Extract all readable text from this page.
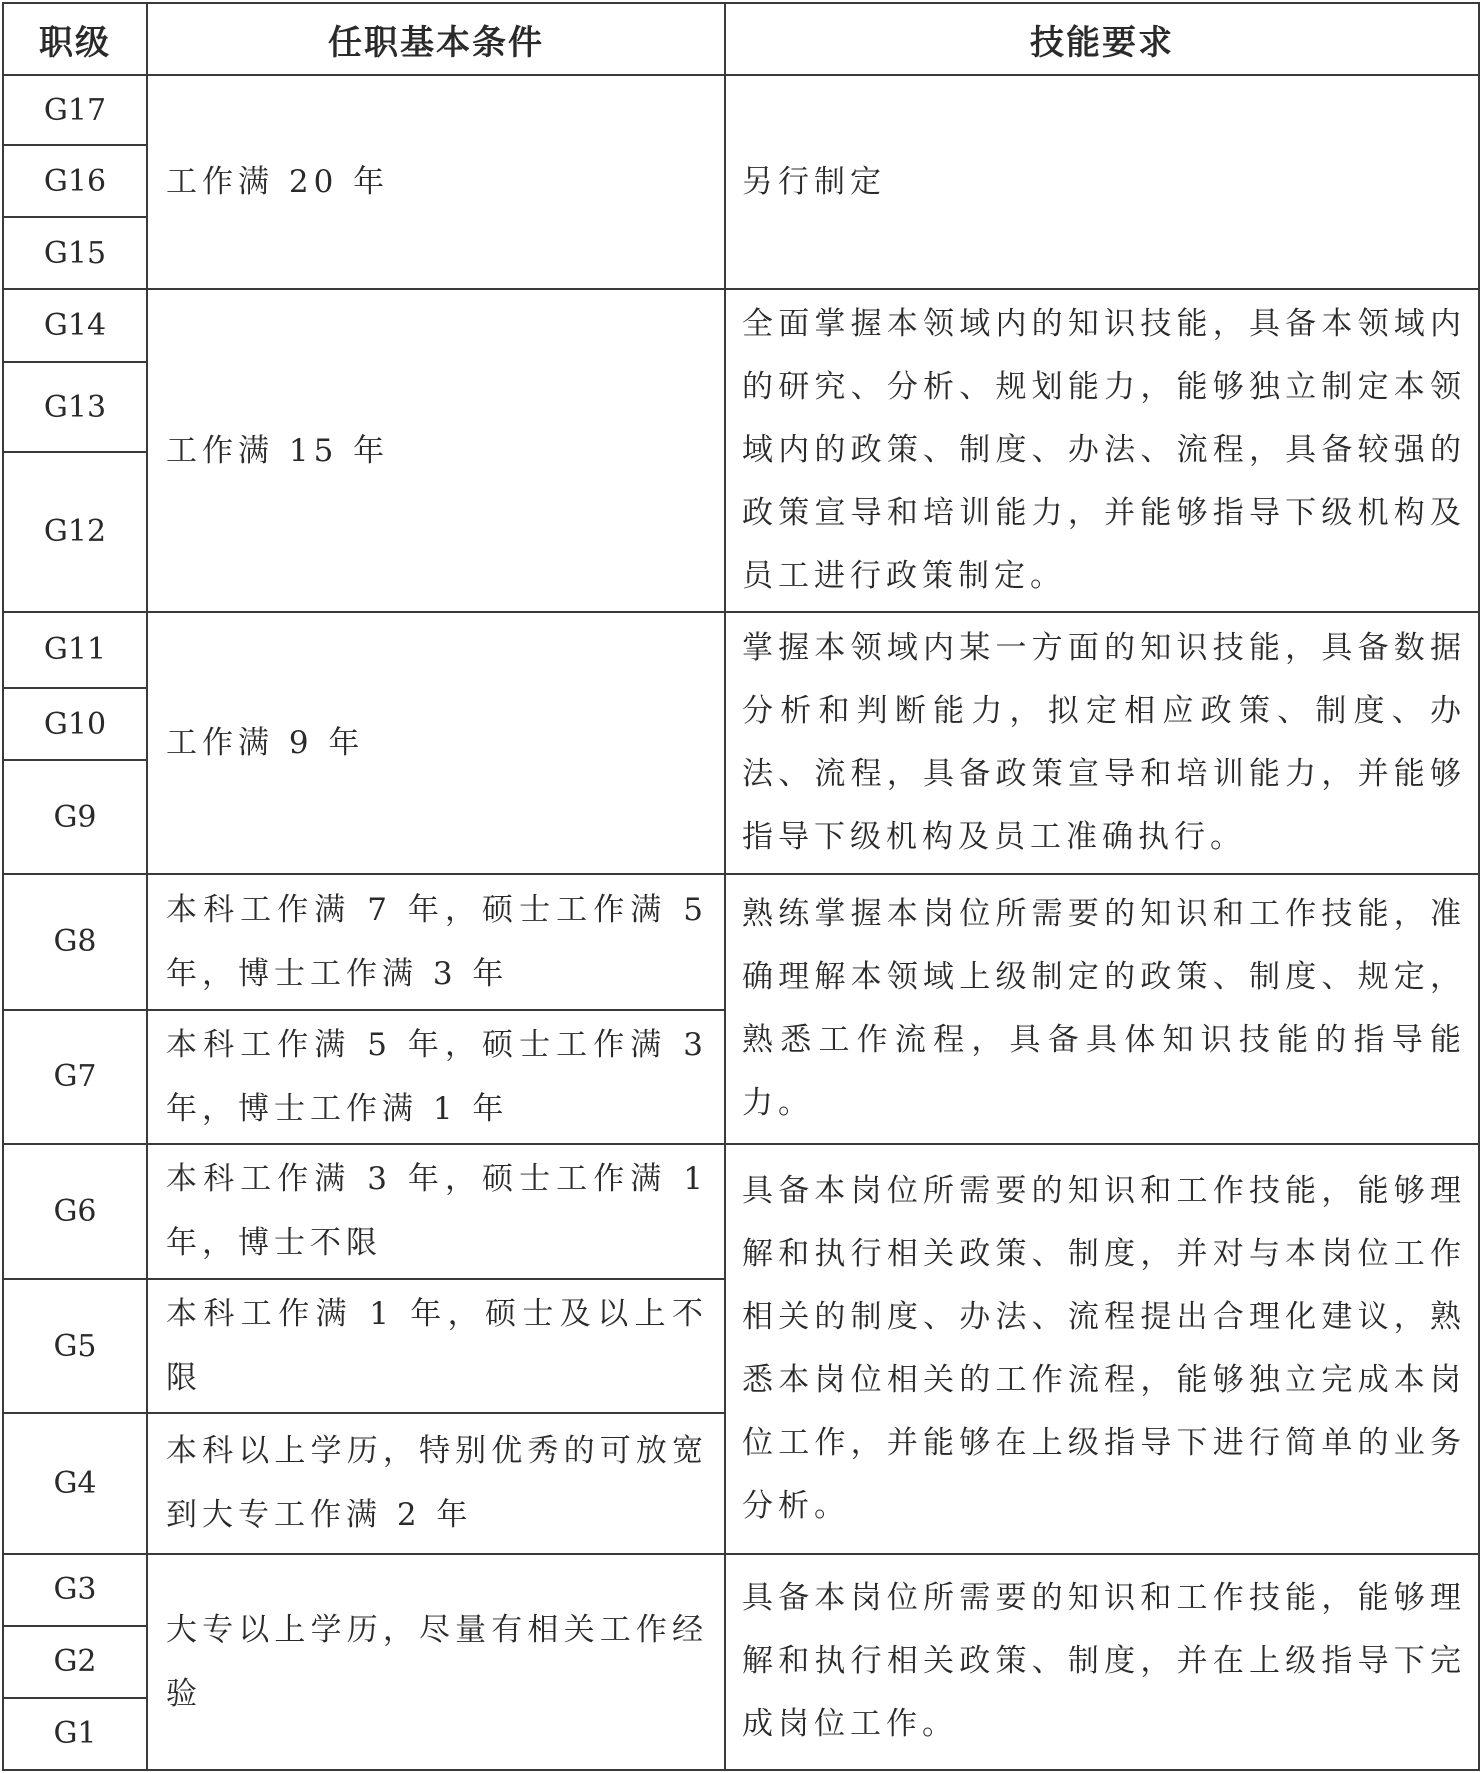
职级	任职基本条件	技能要求
G17	工作满 20 年	另行制定
G16		
G15		
G14	工作满 15 年	全面掌握本领域内的知识技能，具备本领域内的研究、分析、规划能力，能够独立制定本领域内的政策、制度、办法、流程，具备较强的政策宣导和培训能力，并能够指导下级机构及员工进行政策制定。
G13		
G12		
G11	工作满 9 年	掌握本领域内某一方面的知识技能，具备数据分析和判断能力，拟定相应政策、制度、办法、流程，具备政策宣导和培训能力，并能够指导下级机构及员工准确执行。
G10		
G9		
G8	本科工作满 7 年，硕士工作满 5 年，博士工作满 3 年	熟练掌握本岗位所需要的知识和工作技能，准确理解本领域上级制定的政策、制度、规定，熟悉工作流程，具备具体知识技能的指导能力。
G7	本科工作满 5 年，硕士工作满 3 年，博士工作满 1 年	
G6	本科工作满 3 年，硕士工作满 1 年，博士不限	具备本岗位所需要的知识和工作技能，能够理解和执行相关政策、制度，并对与本岗位工作相关的制度、办法、流程提出合理化建议，熟悉本岗位相关的工作流程，能够独立完成本岗位工作，并能够在上级指导下进行简单的业务分析。
G5	本科工作满 1 年，硕士及以上不限	
G4	本科以上学历，特别优秀的可放宽到大专工作满 2 年	
G3	大专以上学历，尽量有相关工作经验	具备本岗位所需要的知识和工作技能，能够理解和执行相关政策、制度，并在上级指导下完成岗位工作。
G2		
G1		
